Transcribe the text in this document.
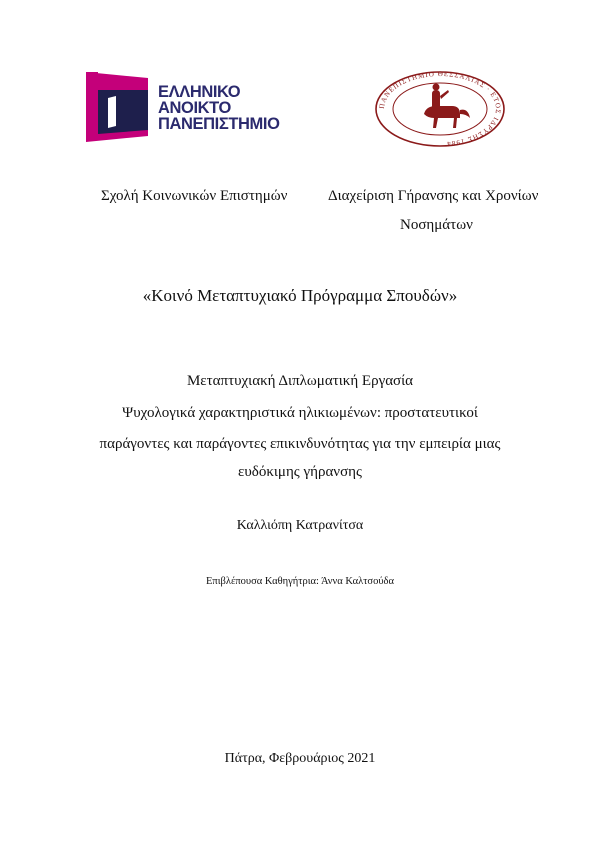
ΕΛΛΗΝΙΚΟ
ΑΝΟΙΚΤΟ
ΠΑΝΕΠΙΣΤΗΜΙΟ
ΠΑΝΕΠΙΣΤΗΜΙΟ ΘΕΣΣΑΛΙΑΣ · ΕΤΟΣ ΙΔΡΥΣΗΣ 1984
Σχολή Κοινωνικών Επιστημών	Διαχείριση Γήρανσης και Χρονίων
Νοσημάτων
«Κοινό Μεταπτυχιακό Πρόγραμμα Σπουδών»
Μεταπτυχιακή Διπλωματική Εργασία
Ψυχολογικά χαρακτηριστικά ηλικιωμένων: προστατευτικοί
παράγοντες και παράγοντες επικινδυνότητας για την εμπειρία μιας
ευδόκιμης γήρανσης
Καλλιόπη Κατρανίτσα
Επιβλέπουσα Καθηγήτρια: Άννα Καλτσούδα
Πάτρα, Φεβρουάριος 2021
